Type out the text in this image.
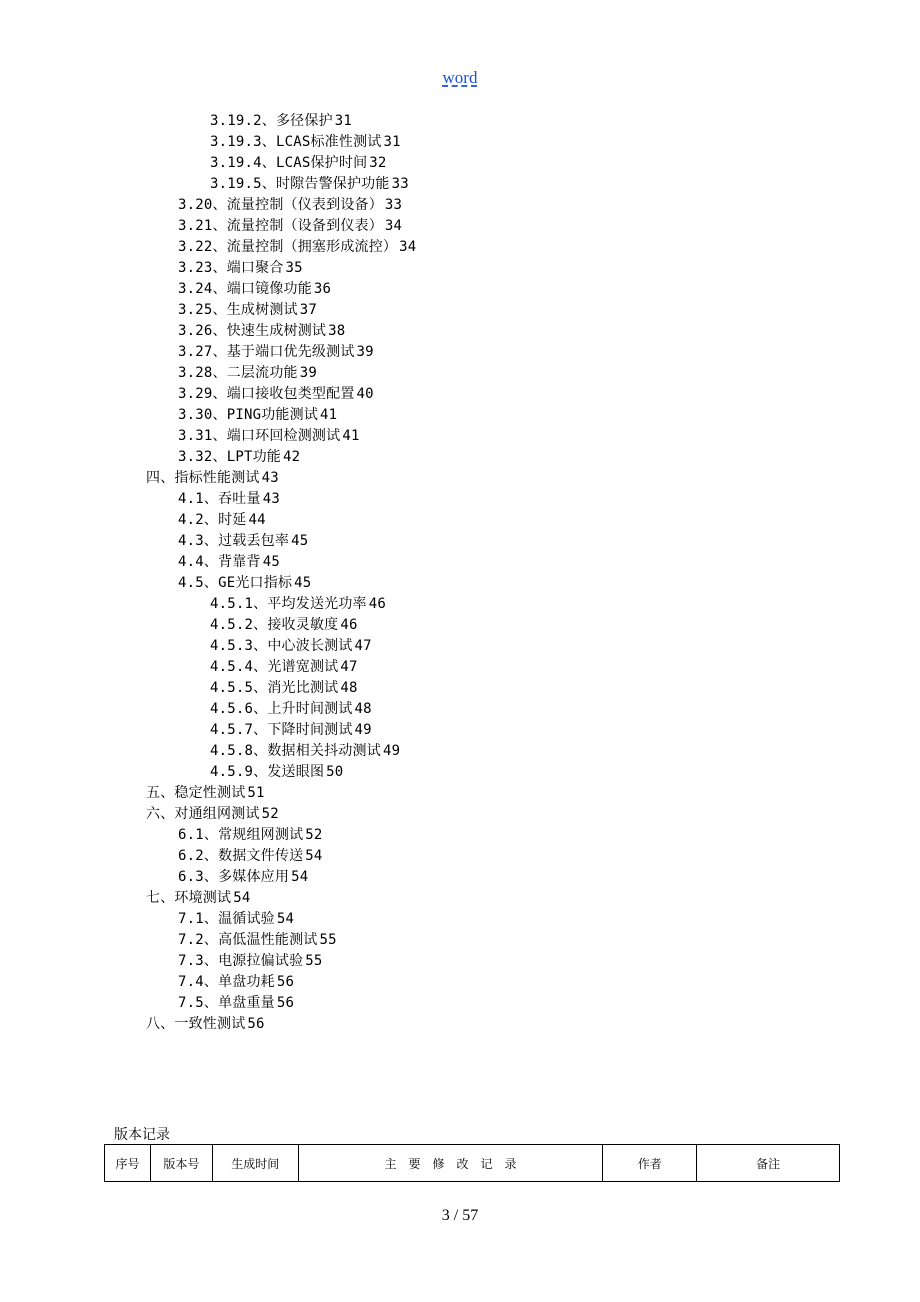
word
3.19.2、多径保护 31
3.19.3、LCAS标准性测试 31
3.19.4、LCAS保护时间 32
3.19.5、时隙告警保护功能 33
3.20、流量控制（仪表到设备） 33
3.21、流量控制（设备到仪表） 34
3.22、流量控制（拥塞形成流控） 34
3.23、端口聚合 35
3.24、端口镜像功能 36
3.25、生成树测试 37
3.26、快速生成树测试 38
3.27、基于端口优先级测试 39
3.28、二层流功能 39
3.29、端口接收包类型配置 40
3.30、PING功能测试 41
3.31、端口环回检测测试 41
3.32、LPT功能 42
四、指标性能测试 43
4.1、吞吐量 43
4.2、时延 44
4.3、过载丢包率 45
4.4、背靠背 45
4.5、GE光口指标 45
4.5.1、平均发送光功率 46
4.5.2、接收灵敏度 46
4.5.3、中心波长测试 47
4.5.4、光谱宽测试 47
4.5.5、消光比测试 48
4.5.6、上升时间测试 48
4.5.7、下降时间测试 49
4.5.8、数据相关抖动测试 49
4.5.9、发送眼图 50
五、稳定性测试 51
六、对通组网测试 52
6.1、常规组网测试 52
6.2、数据文件传送 54
6.3、多媒体应用 54
七、环境测试 54
7.1、温循试验 54
7.2、高低温性能测试 55
7.3、电源拉偏试验 55
7.4、单盘功耗 56
7.5、单盘重量 56
八、一致性测试 56
版本记录
序号	版本号	生成时间	主　要　修　改　记　录	作者	备注
3 / 57
